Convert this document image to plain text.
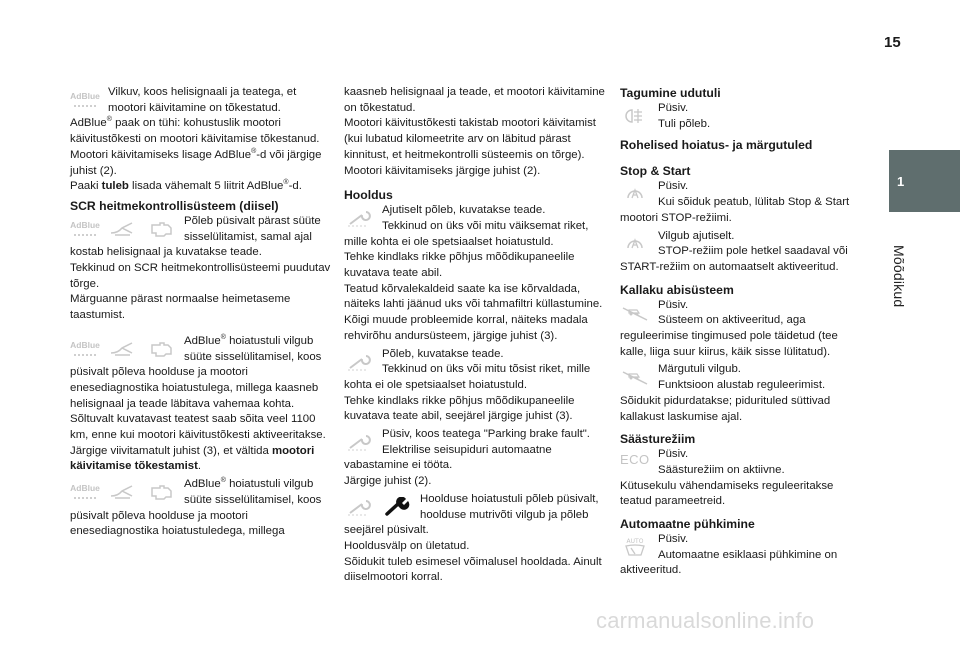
15
1
Mõõdikud
AdBlue Vilkuv, koos helisignaali ja teatega, et mootori käivitamine on tõkestatud.

AdBlue® paak on tühi: kohustuslik mootori käivitustõkesti on mootori käivitamise tõkestanud.

Mootori käivitamiseks lisage AdBlue®-d või järgige juhist (2).

Paaki tuleb lisada vähemalt 5 liitrit AdBlue®-d.

SCR heitmekontrollisüsteem (diisel)
AdBlue	Põleb püsivalt pärast süüte sisselülitamist, samal ajal kostab helisignaal ja kuvatakse teade.

Tekkinud on SCR heitmekontrollisüsteemi puudutav tõrge.

Märguanne pärast normaalse heimetaseme taastumist.

AdBlue	AdBlue® hoiatustuli vilgub süüte sisselülitamisel, koos püsivalt põleva hoolduse ja mootori enesediagnostika hoiatustulega, millega kaasneb helisignaal ja teade läbitava vahemaa kohta.

Sõltuvalt kuvatavast teatest saab sõita veel 1100 km, enne kui mootori käivitustõkesti aktiveeritakse.

Järgige viivitamatult juhist (3), et vältida mootori käivitamise tõkestamist.

AdBlue	AdBlue® hoiatustuli vilgub süüte sisselülitamisel, koos püsivalt põleva hoolduse ja mootori enesediagnostika hoiatustuledega, millega

kaasneb helisignaal ja teade, et mootori käivitamine on tõkestatud.

Mootori käivitustõkesti takistab mootori käivitamist (kui lubatud kilomeetrite arv on läbitud pärast kinnitust, et heitmekontrolli süsteemis on tõrge).

Mootori käivitamiseks järgige juhist (2).

Hooldus

Ajutiselt põleb, kuvatakse teade.

Tekkinud on üks või mitu väiksemat riket, mille kohta ei ole spetsiaalset hoiatustuld.

Tehke kindlaks rikke põhjus mõõdikupaneelile kuvatava teate abil.

Teatud kõrvalekaldeid saate ka ise kõrvaldada, näiteks lahti jäänud uks või tahmafiltri küllastumine.

Kõigi muude probleemide korral, näiteks madala rehvirõhu andursüsteem, järgige juhist (3).

Põleb, kuvatakse teade.

Tekkinud on üks või mitu tõsist riket, mille kohta ei ole spetsiaalset hoiatustuld.

Tehke kindlaks rikke põhjus mõõdikupaneelile kuvatava teate abil, seejärel järgige juhist (3).

Püsiv, koos teatega "Parking brake fault". Elektrilise seisupiduri automaatne vabastamine ei tööta.

Järgige juhist (2).

Hoolduse hoiatustuli põleb püsivalt, hoolduse mutrivõti vilgub ja põleb seejärel püsivalt.

Hooldusvälp on ületatud.

Sõidukit tuleb esimesel võimalusel hooldada. Ainult diiselmootori korral.

Tagumine udutuli

Püsiv.

Tuli põleb.

Rohelised hoiatus- ja märgutuled
Stop & Start

Püsiv.

Kui sõiduk peatub, lülitab Stop & Start mootori STOP-režiimi.

Vilgub ajutiselt.

STOP-režiim pole hetkel saadaval või START-režiim on automaatselt aktiveeritud.

Kallaku abisüsteem

Püsiv.

Süsteem on aktiveeritud, aga reguleerimise tingimused pole täidetud (tee kalle, liiga suur kiirus, käik sisse lülitatud).

Märgutuli vilgub.

Funktsioon alustab reguleerimist.

Sõidukit pidurdatakse; pidurituled süttivad kallakust laskumise ajal.

Säästurežiim
ECO Püsiv.

Säästurežiim on aktiivne.

Kütusekulu vähendamiseks reguleeritakse teatud parameetreid.

Automaatne pühkimine
AUTO	Püsiv.

Automaatne esiklaasi pühkimine on aktiveeritud.

carmanualsonline.info
